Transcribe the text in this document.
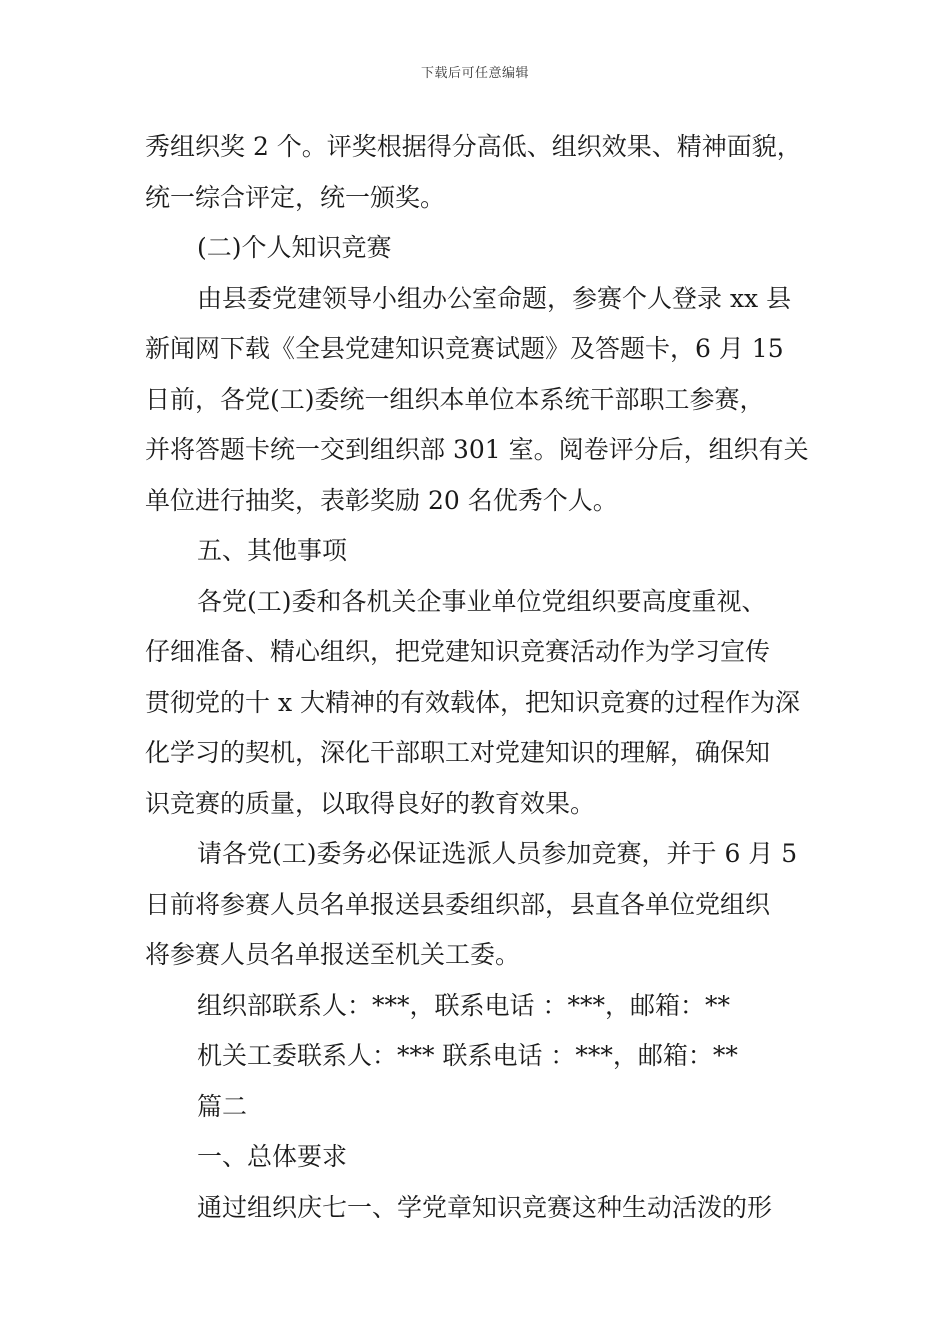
下载后可任意编辑
秀组织奖 2 个。评奖根据得分高低、组织效果、精神面貌，
统一综合评定，统一颁奖。
(二)个人知识竞赛
由县委党建领导小组办公室命题，参赛个人登录 xx 县
新闻网下载《全县党建知识竞赛试题》及答题卡，6 月 15
日前，各党(工)委统一组织本单位本系统干部职工参赛，
并将答题卡统一交到组织部 301 室。阅卷评分后，组织有关
单位进行抽奖，表彰奖励 20 名优秀个人。
五、其他事项
各党(工)委和各机关企事业单位党组织要高度重视、
仔细准备、精心组织，把党建知识竞赛活动作为学习宣传
贯彻党的十 x 大精神的有效载体，把知识竞赛的过程作为深
化学习的契机，深化干部职工对党建知识的理解，确保知
识竞赛的质量，以取得良好的教育效果。
请各党(工)委务必保证选派人员参加竞赛，并于 6 月 5
日前将参赛人员名单报送县委组织部，县直各单位党组织
将参赛人员名单报送至机关工委。
组织部联系人：***，联系电话 ：***，邮箱：**
机关工委联系人：*** 联系电话 ：***，邮箱：**
篇二
一、总体要求
通过组织庆七一、学党章知识竞赛这种生动活泼的形
